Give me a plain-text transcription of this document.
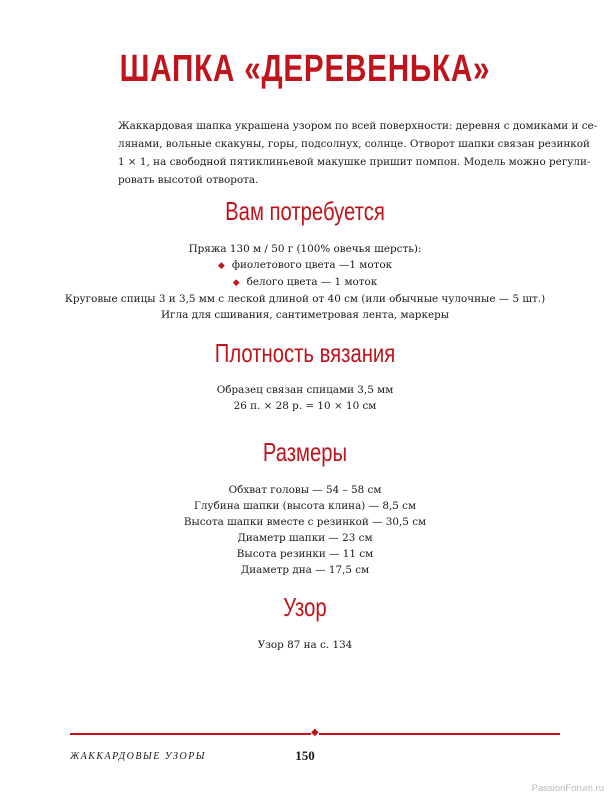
ШАПКА «ДЕРЕВЕНЬКА»

Жаккардовая шапка украшена узором по всей поверхности: деревня с домиками и се-
лянами, вольные скакуны, горы, подсолнух, солнце. Отворот шапки связан резинкой
1 × 1, на свободной пятиклиньевой макушке пришит помпон. Модель можно регули-
ровать высотой отворота.

Вам потребуется
Пряжа 130 м / 50 г (100% овечья шерсть):
◆ фиолетового цвета —1 моток
◆ белого цвета — 1 моток
Круговые спицы 3 и 3,5 мм с леской длиной от 40 см (или обычные чулочные — 5 шт.)
Игла для сшивания, сантиметровая лента, маркеры
Плотность вязания
Образец связан спицами 3,5 мм
26 п. × 28 р. = 10 × 10 см
Размеры
Обхват головы — 54 – 58 см
Глубина шапки (высота клина) — 8,5 см
Высота шапки вместе с резинкой — 30,5 см
Диаметр шапки — 23 см
Высота резинки — 11 см
Диаметр дна — 17,5 см
Узор
Узор 87 на с. 134
◆
ЖАККАРДОВЫЕ УЗОРЫ	150
PassionForum.ru
